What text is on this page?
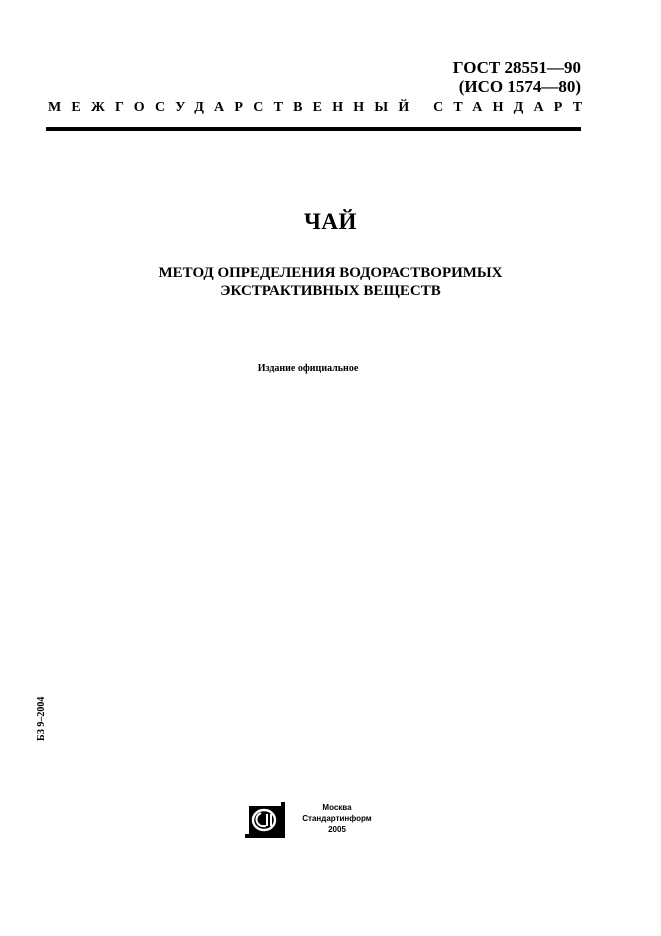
ГОСТ 28551—90
(ИСО 1574—80)
МЕЖГОСУДАРСТВЕННЫЙ СТАНДАРТ
ЧАЙ
МЕТОД ОПРЕДЕЛЕНИЯ ВОДОРАСТВОРИМЫХ
ЭКСТРАКТИВНЫХ ВЕЩЕСТВ
Издание официальное
БЗ 9–2004
Москва
Стандартинформ
2005
